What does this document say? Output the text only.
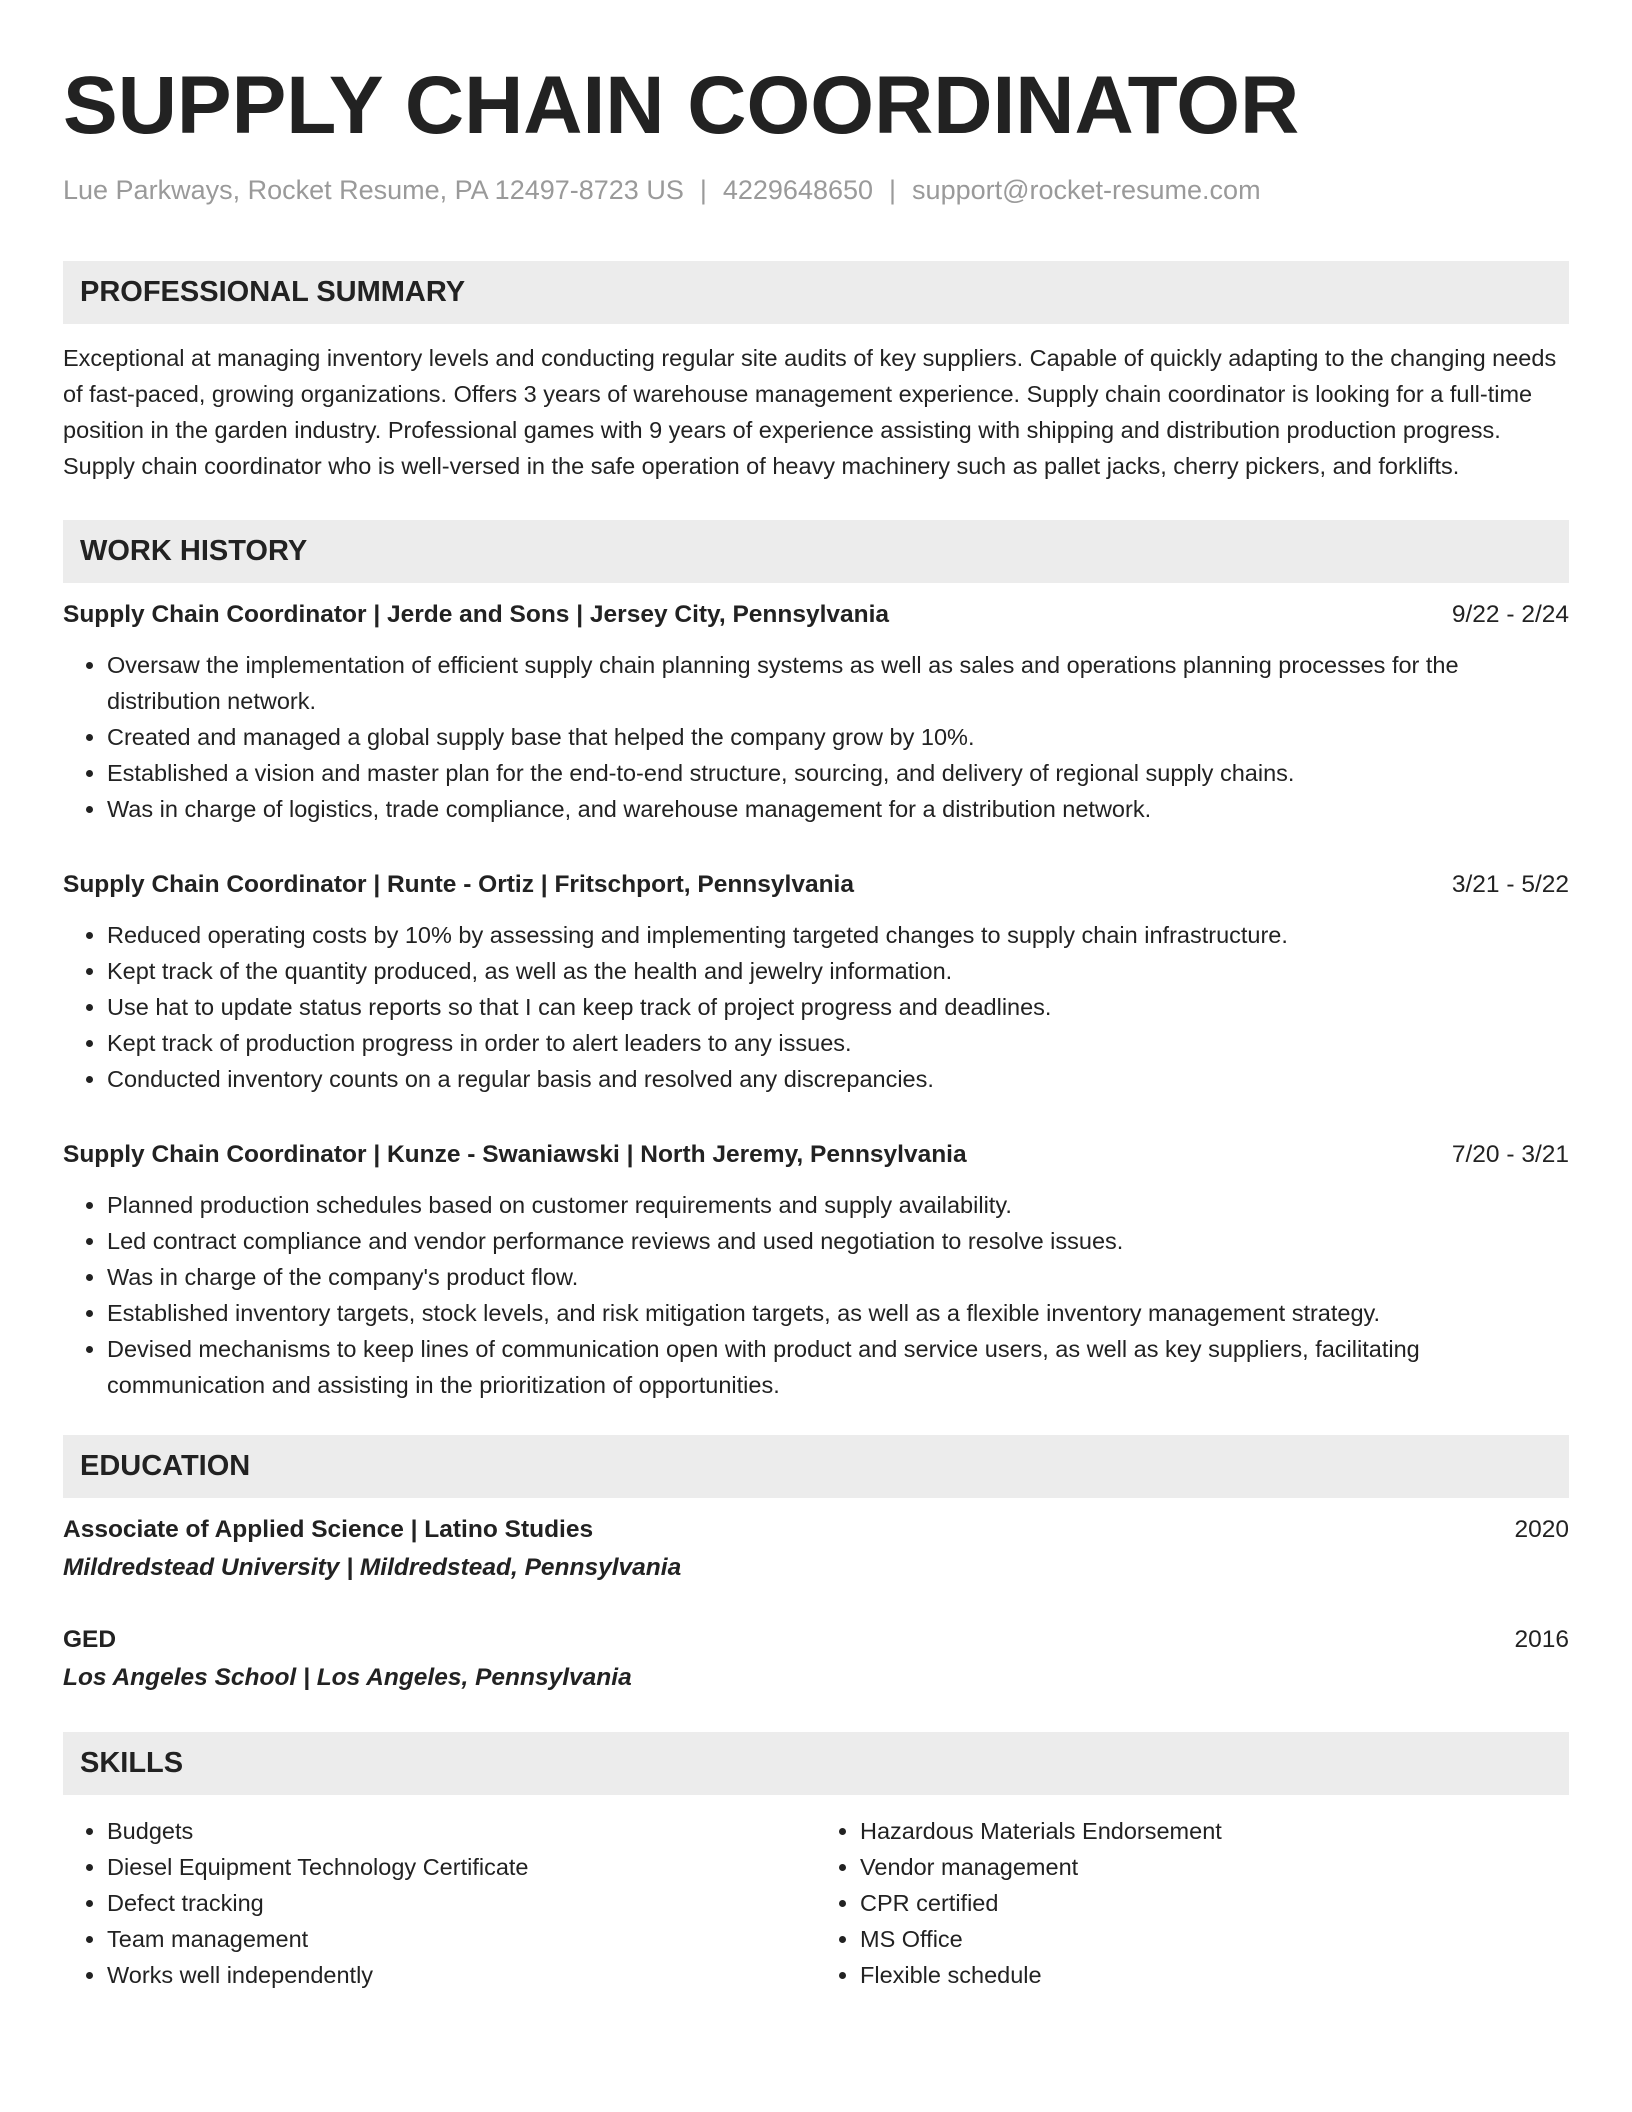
SUPPLY CHAIN COORDINATOR
Lue Parkways, Rocket Resume, PA 12497-8723 US | 4229648650 | support@rocket-resume.com
PROFESSIONAL SUMMARY
Exceptional at managing inventory levels and conducting regular site audits of key suppliers. Capable of quickly adapting to the changing needs of fast-paced, growing organizations. Offers 3 years of warehouse management experience. Supply chain coordinator is looking for a full-time position in the garden industry. Professional games with 9 years of experience assisting with shipping and distribution production progress. Supply chain coordinator who is well-versed in the safe operation of heavy machinery such as pallet jacks, cherry pickers, and forklifts.
WORK HISTORY
Supply Chain Coordinator | Jerde and Sons | Jersey City, Pennsylvania	9/22 - 2/24
• Oversaw the implementation of efficient supply chain planning systems as well as sales and operations planning processes for the distribution network.
• Created and managed a global supply base that helped the company grow by 10%.
• Established a vision and master plan for the end-to-end structure, sourcing, and delivery of regional supply chains.
• Was in charge of logistics, trade compliance, and warehouse management for a distribution network.
Supply Chain Coordinator | Runte - Ortiz | Fritschport, Pennsylvania	3/21 - 5/22
• Reduced operating costs by 10% by assessing and implementing targeted changes to supply chain infrastructure.
• Kept track of the quantity produced, as well as the health and jewelry information.
• Use hat to update status reports so that I can keep track of project progress and deadlines.
• Kept track of production progress in order to alert leaders to any issues.
• Conducted inventory counts on a regular basis and resolved any discrepancies.
Supply Chain Coordinator | Kunze - Swaniawski | North Jeremy, Pennsylvania	7/20 - 3/21
• Planned production schedules based on customer requirements and supply availability.
• Led contract compliance and vendor performance reviews and used negotiation to resolve issues.
• Was in charge of the company's product flow.
• Established inventory targets, stock levels, and risk mitigation targets, as well as a flexible inventory management strategy.
• Devised mechanisms to keep lines of communication open with product and service users, as well as key suppliers, facilitating communication and assisting in the prioritization of opportunities.
EDUCATION
Associate of Applied Science | Latino Studies	2020
Mildredstead University | Mildredstead, Pennsylvania
GED	2016
Los Angeles School | Los Angeles, Pennsylvania
SKILLS
• Budgets
• Diesel Equipment Technology Certificate
• Defect tracking
• Team management
• Works well independently
• Hazardous Materials Endorsement
• Vendor management
• CPR certified
• MS Office
• Flexible schedule
